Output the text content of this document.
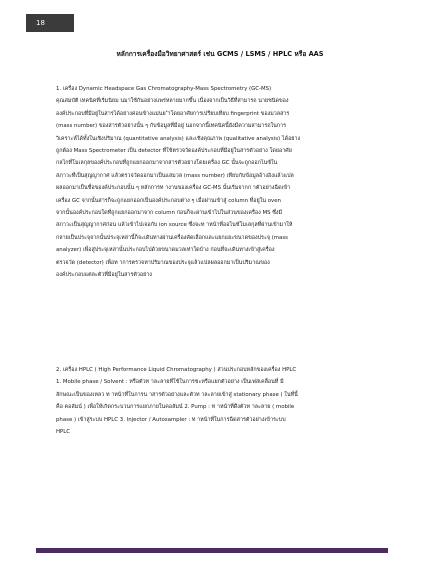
18
หลักการเครื่องมือวิทยาศาสตร์ เช่น GCMS / LSMS / HPLC หรือ AAS
1. เครื่อง Dynamic Headspace Gas Chromatography-Mass Spectrometry (GC-MS)
คุณสมบัติ เทคนิคที่เริ่มนิยม นมาใช้กันอย่างแพร่หลายมากขึ้น เนื่องจากเป็นวิธีที่สามารถ นายชนิดของ
องค์ประกอบที่มีอยู่ในสารได้อย่างค่อนข้างแม่นย ำโดยอาศัยการเปรียบเทียบ fingerprint ของมวลสาร
(mass number) ของสารตัวอย่างนั้น ๆ กับข้อมูลที่มีอยู่ นอกจากนี้เทคนิคนี้ยังมีความสามารถในการ
วิเคราะห์ได้ทั้งในเชิงปริมาณ (quantitative analysis) และเชิงคุณภาพ (qualitative analysis) ได้อย่าง
ถูกต้อง Mass Spectrometer เป็น detector ที่ใช้ตรวจวัดองค์ประกอบที่มีอยู่ในสารตัวอย่าง โดยอาศัย
กลไกที่โมเลกุลของค์ประกอบที่ถูกแยกออกมาจากสารตัวอย่างโดยเครื่อง GC นั้นจะถูกออกไนซ์ใน
สภาวะที่เป็นสุญญากาศ แล้วตรวจวัดออกมาเป็นแสมวล (mass number) เทียบกับข้อมูลอ้างอิงแล้วแปล
ผลออกมาเป็นชื่อของค์ประกอบนั้น ๆ หลักการท างานของเครื่อง GC-MS นั้นเริ่มจากก าตัวอย่างฉีดเข้า
เครื่อง GC จากนั้นสารก็จะถูกแยกออกเป็นองค์ประกอบต่าง ๆ เมื่อผ่านเข้าสู่ column ที่อยู่ใน oven
จากนั้นองค์ประกอบใดที่ถูกแยกออกมาจาก column ก่อนก็จะผ่านเข้าไปในส่วนของเครื่อง MS ซึ่งมี
สภาวะเป็นสุญญากาศก่อน แล้วเข้าไปเจอกับ ion source ซึ่งจะท าหน้าที่ออไนซ์โมเลกุลที่ผ่านเข้ามาให้
กลายเป็นประจุจากนั้นประจุเหล่านี้ก็จะเดินทางผ่านเครื่องคัดเลือกและแยกแยะขนาดของประจุ (mass
analyzer) เพื่อสู่ประจุเหล่านั้นประกอบไปด้วยขนาดมวลเท่าใดบ้าง ก่อนที่จะเดินทางเข้าสู่เครื่อง
ตรวจวัด (detector) เพื่อท าการตรวจหาปริมาณของประจุแล้วแปลผลออกมาเป็นปริมาณของ
องค์ประกอบแต่ละตัวที่มีอยู่ในสารตัวอย่าง
2. เครื่อง HPLC ( High Performance Liquid Chromatography ) ส่วนประกอบหลักของเครื่อง HPLC
1. Mobile phase / Solvent : หรือตัวท าละลายที่ใช้ในการชะหรือแยกตัวอย่าง เป็นเฟสเคลื่อนที่ มี
ลักษณะเป็นของเหลว ท าหน้าที่ในการน าสารตัวอย่างและตัวท าละลายเข้าสู่ stationary phase ( ในที่นี้
คือ คอลัมน์ ) เพื่อให้เกิดกระบวนการแยกภายในคอลัมน์ 2. Pump : ท าหน้าที่ดึงตัวท าละลาย ( mobile
phase ) เข้าสู่ระบบ HPLC 3. Injector / Autosampler : ท าหน้าที่ในการฉีดสารตัวอย่างเข้าระบบ
HPLC
